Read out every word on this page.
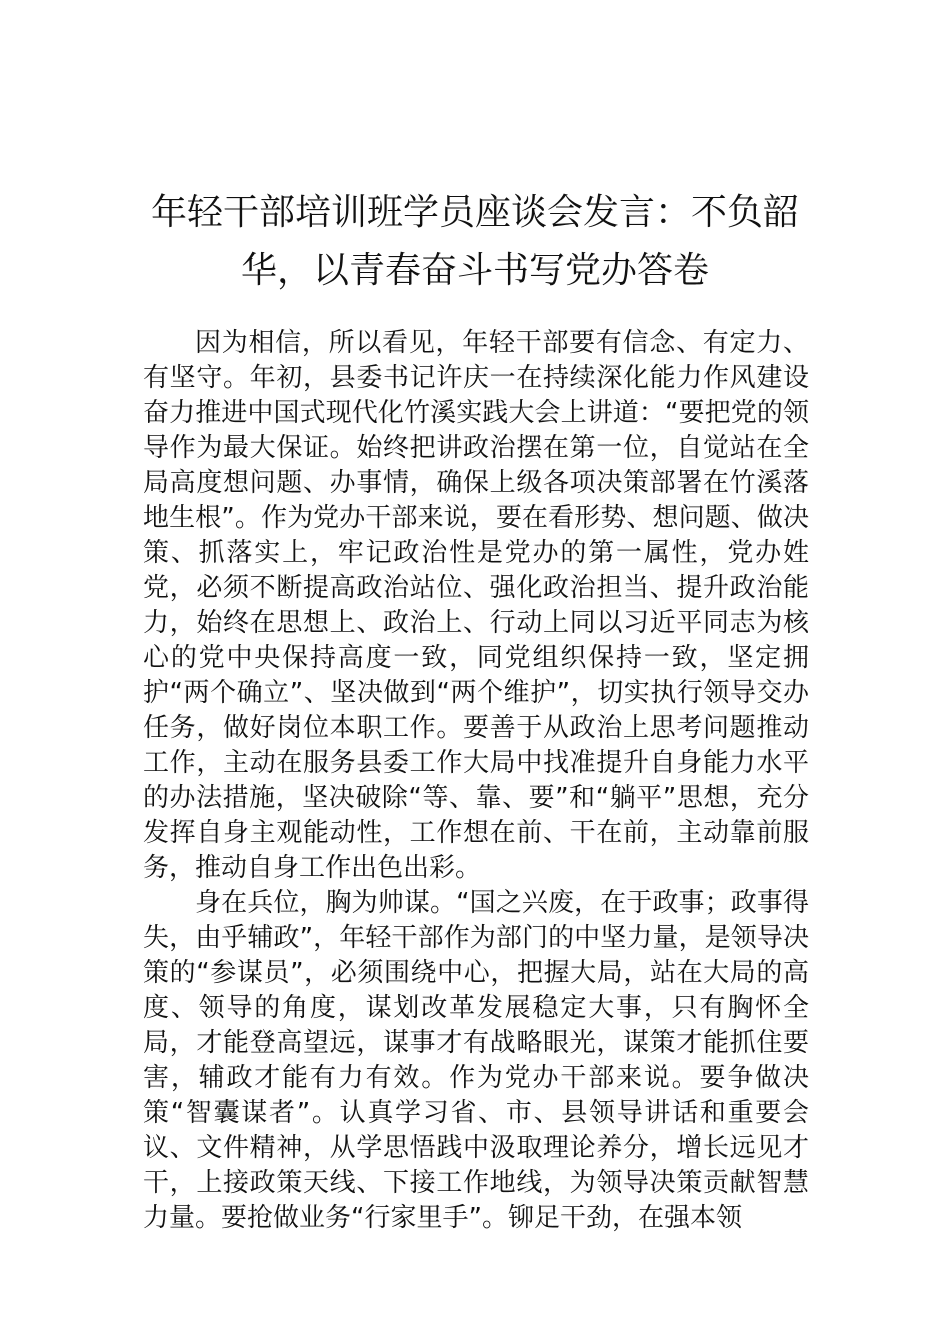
年轻干部培训班学员座谈会发言：不负韶华，以青春奋斗书写党办答卷

因为相信，所以看见，年轻干部要有信念、有定力、有坚守。年初，县委书记许庆一在持续深化能力作风建设奋力推进中国式现代化竹溪实践大会上讲道：“要把党的领导作为最大保证。始终把讲政治摆在第一位，自觉站在全局高度想问题、办事情，确保上级各项决策部署在竹溪落地生根”。作为党办干部来说，要在看形势、想问题、做决策、抓落实上，牢记政治性是党办的第一属性，党办姓党，必须不断提高政治站位、强化政治担当、提升政治能力，始终在思想上、政治上、行动上同以习近平同志为核心的党中央保持高度一致，同党组织保持一致，坚定拥护“两个确立”、坚决做到“两个维护”，切实执行领导交办任务，做好岗位本职工作。要善于从政治上思考问题推动工作，主动在服务县委工作大局中找准提升自身能力水平的办法措施，坚决破除“等、靠、要”和“躺平”思想，充分发挥自身主观能动性，工作想在前、干在前，主动靠前服务，推动自身工作出色出彩。

身在兵位，胸为帅谋。“国之兴废，在于政事；政事得失，由乎辅政”，年轻干部作为部门的中坚力量，是领导决策的“参谋员”，必须围绕中心，把握大局，站在大局的高度、领导的角度，谋划改革发展稳定大事，只有胸怀全局，才能登高望远，谋事才有战略眼光，谋策才能抓住要害，辅政才能有力有效。作为党办干部来说。要争做决策“智囊谋者”。认真学习省、市、县领导讲话和重要会议、文件精神，从学思悟践中汲取理论养分，增长远见才干，上接政策天线、下接工作地线，为领导决策贡献智慧力量。要抢做业务“行家里手”。铆足干劲，在强本领
